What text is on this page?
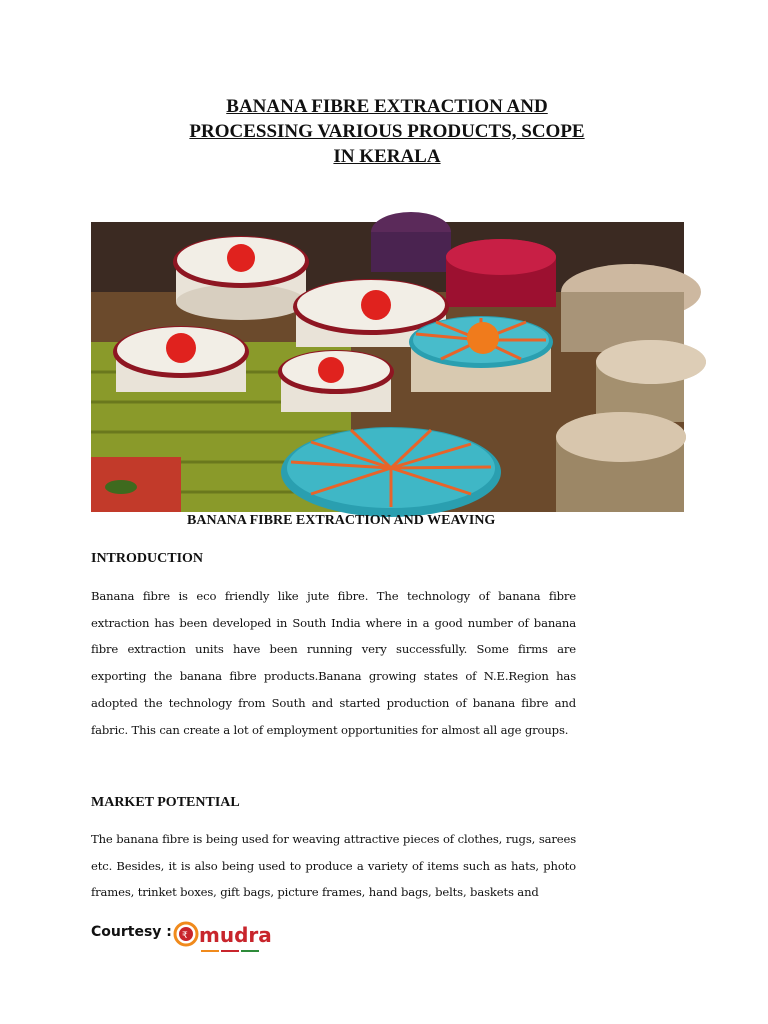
BANANA FIBRE EXTRACTION AND
PROCESSING VARIOUS PRODUCTS, SCOPE
IN KERALA
BANANA FIBRE EXTRACTION AND WEAVING
INTRODUCTION
Banana fibre is eco friendly like jute fibre. The technology of banana fibre extraction has been developed in South India where in a good number of banana fibre extraction units have been running very successfully. Some firms are exporting the banana fibre products.Banana growing states of N.E.Region has adopted the technology from South and started production of banana fibre and fabric. This can create a lot of employment opportunities for almost all age groups.
MARKET POTENTIAL
The banana fibre is being used for weaving attractive pieces of clothes, rugs, sarees etc. Besides, it is also being used to produce a variety of items such as hats, photo frames, trinket boxes, gift bags, picture frames, hand bags, belts, baskets and
Courtesy : ₹ mudra
